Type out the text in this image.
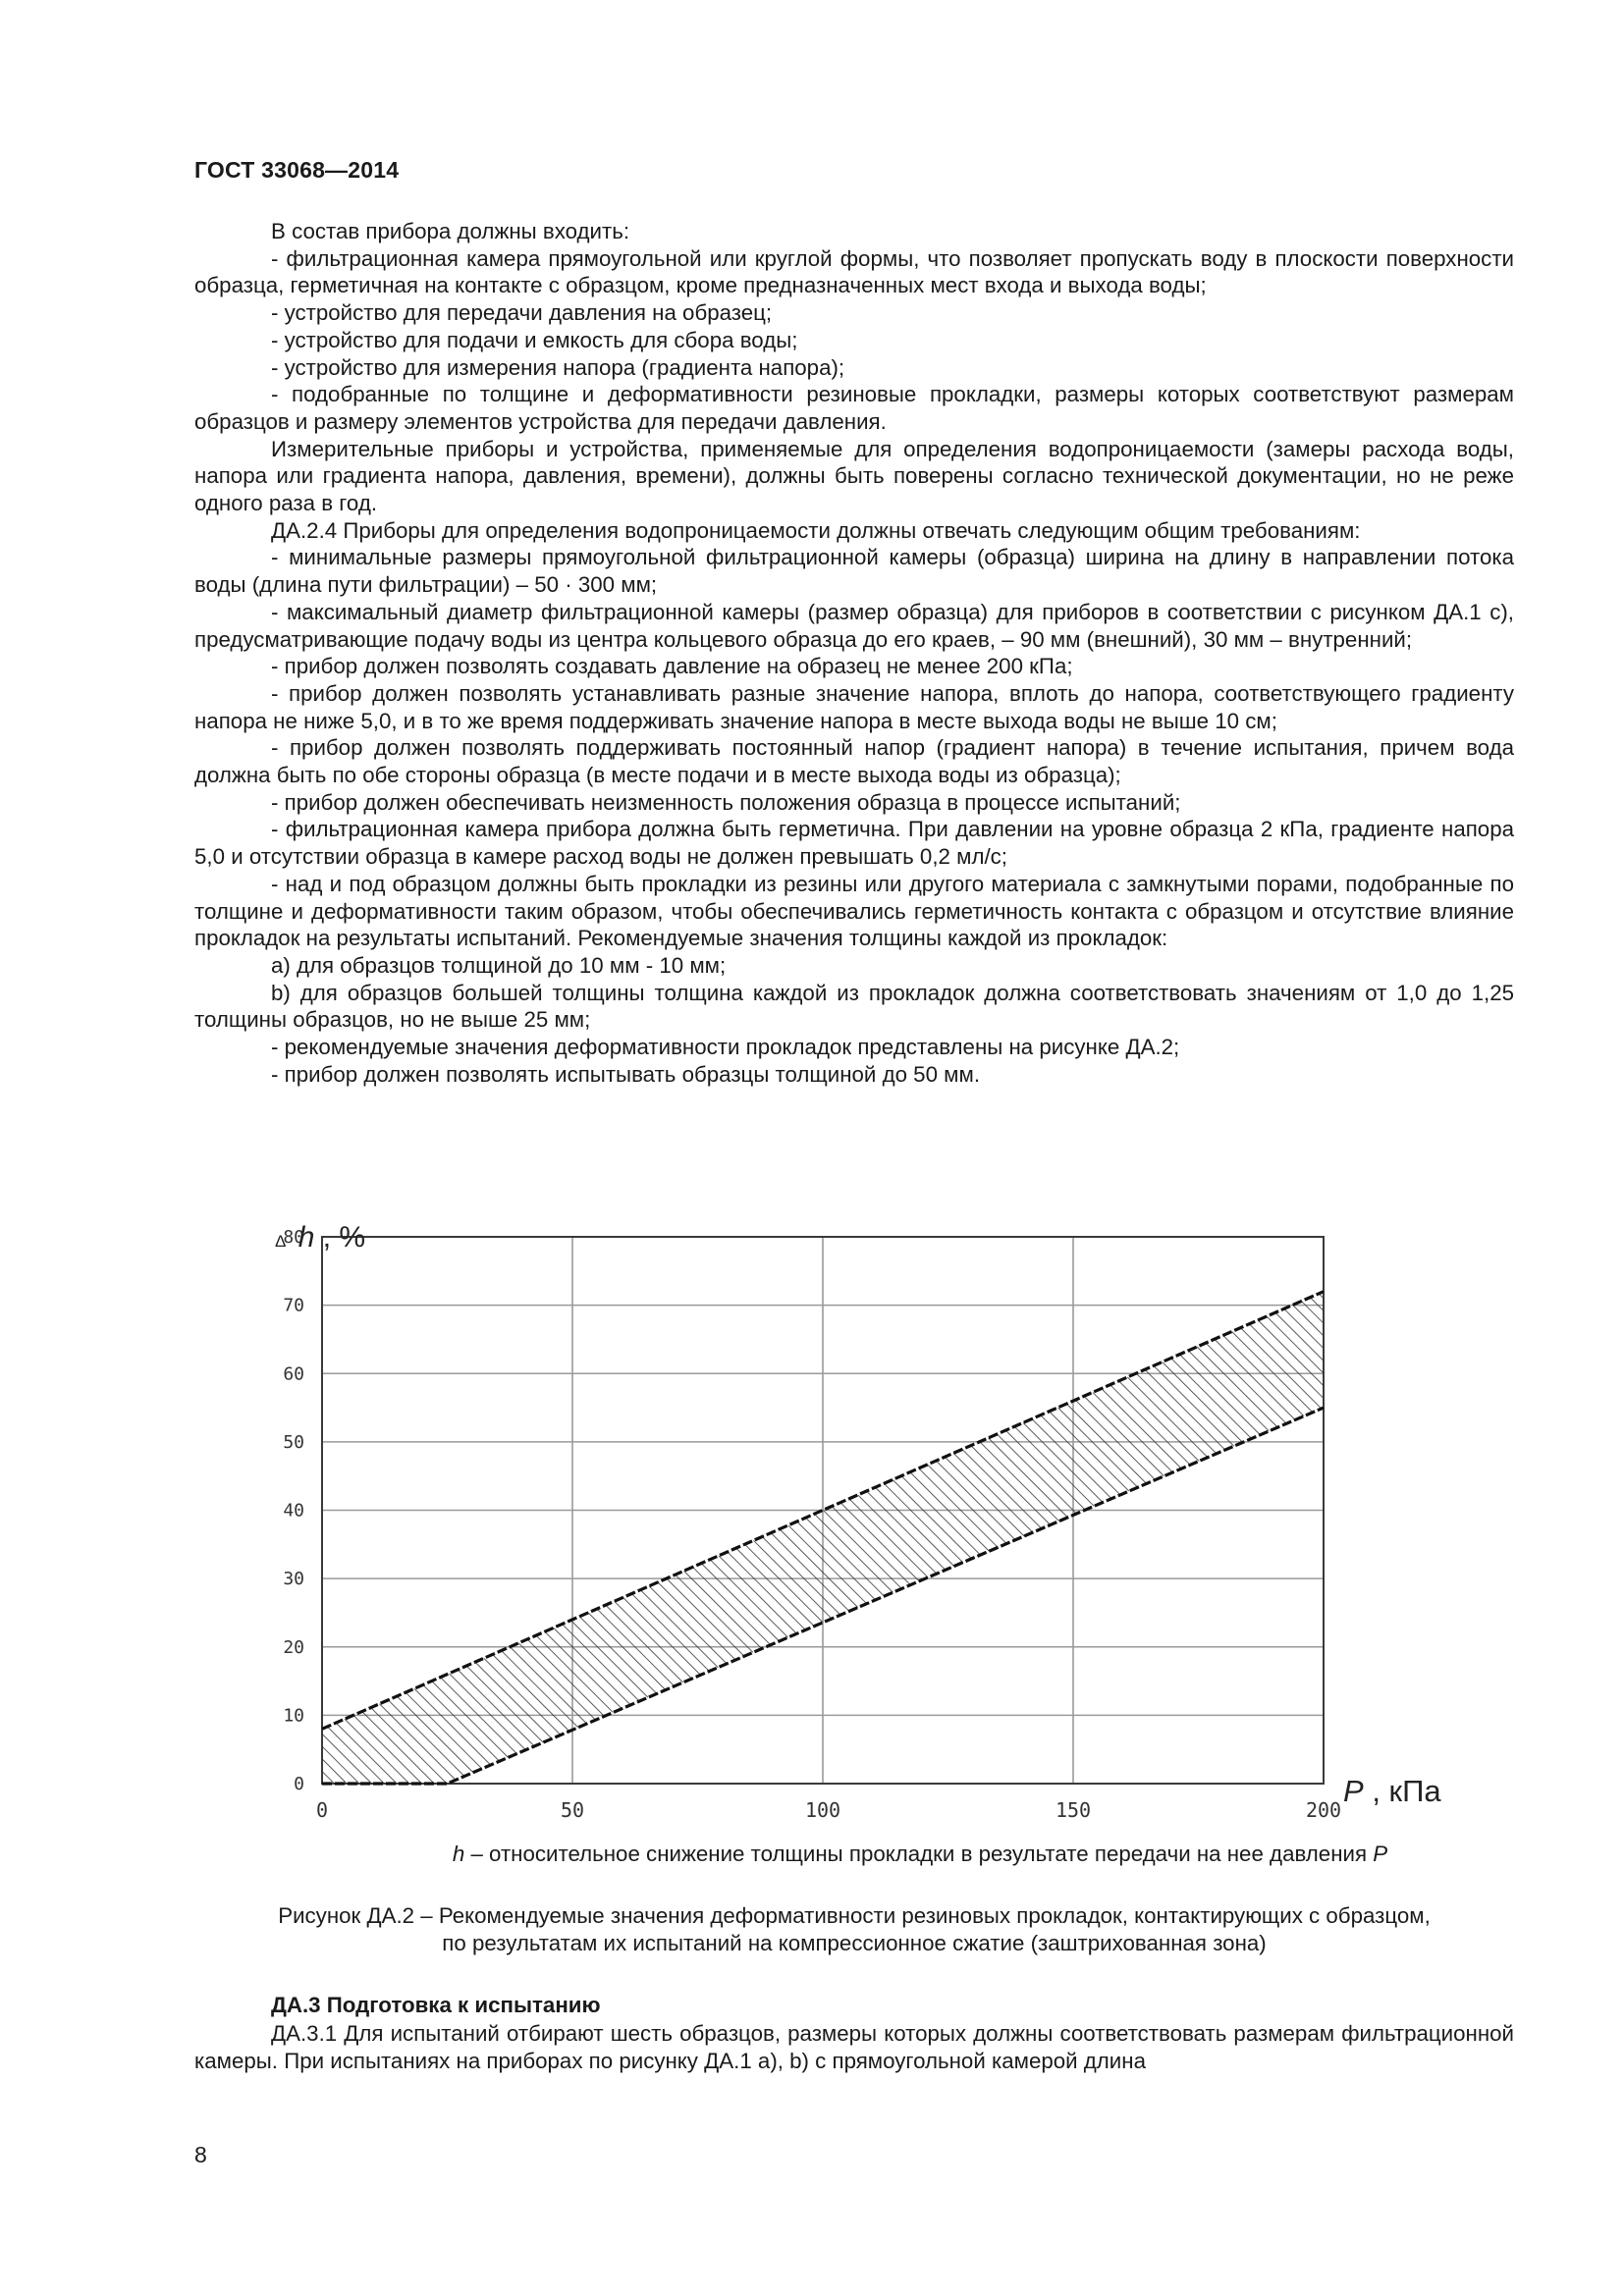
ГОСТ 33068—2014

В состав прибора должны входить:

- фильтрационная камера прямоугольной или круглой формы, что позволяет пропускать воду в плоскости поверхности образца, герметичная на контакте с образцом, кроме предназначенных мест входа и выхода воды;

- устройство для передачи давления на образец;

- устройство для подачи и емкость для сбора воды;

- устройство для измерения напора (градиента напора);

- подобранные по толщине и деформативности резиновые прокладки, размеры которых соответствуют размерам образцов и размеру элементов устройства для передачи давления.

Измерительные приборы и устройства, применяемые для определения водопроницаемости (замеры расхода воды, напора или градиента напора, давления, времени), должны быть поверены согласно технической документации, но не реже одного раза в год.

ДА.2.4 Приборы для определения водопроницаемости должны отвечать следующим общим требованиям:

- минимальные размеры прямоугольной фильтрационной камеры (образца) ширина на длину в направлении потока воды (длина пути фильтрации) – 50 · 300 мм;

- максимальный диаметр фильтрационной камеры (размер образца) для приборов в соответствии с рисунком ДА.1 с), предусматривающие подачу воды из центра кольцевого образца до его краев, – 90 мм (внешний), 30 мм – внутренний;

- прибор должен позволять создавать давление на образец не менее 200 кПа;

- прибор должен позволять устанавливать разные значение напора, вплоть до напора, соответствующего градиенту напора не ниже 5,0, и в то же время поддерживать значение напора в месте выхода воды не выше 10 см;

- прибор должен позволять поддерживать постоянный напор (градиент напора) в течение испытания, причем вода должна быть по обе стороны образца (в месте подачи и в месте выхода воды из образца);

- прибор должен обеспечивать неизменность положения образца в процессе испытаний;

- фильтрационная камера прибора должна быть герметична. При давлении на уровне образца 2 кПа, градиенте напора 5,0 и отсутствии образца в камере расход воды не должен превышать 0,2 мл/с;

- над и под образцом должны быть прокладки из резины или другого материала с замкнутыми порами, подобранные по толщине и деформативности таким образом, чтобы обеспечивались герметичность контакта с образцом и отсутствие влияние прокладок на результаты испытаний. Рекомендуемые значения толщины каждой из прокладок:

a) для образцов толщиной до 10 мм - 10 мм;

b) для образцов большей толщины толщина каждой из прокладок должна соответствовать значениям от 1,0 до 1,25 толщины образцов, но не выше 25 мм;

- рекомендуемые значения деформативности прокладок представлены на рисунке ДА.2;

- прибор должен позволять испытывать образцы толщиной до 50 мм.

0	50	100	150	200
0
10
20
30
40
50
60
70
80
Δ h , %
P , кПа
h – относительное снижение толщины прокладки в результате передачи на нее давления P
Рисунок ДА.2 – Рекомендуемые значения деформативности резиновых прокладок, контактирующих с образцом,
по результатам их испытаний на компрессионное сжатие (заштрихованная зона)
ДА.3 Подготовка к испытанию

ДА.3.1 Для испытаний отбирают шесть образцов, размеры которых должны соответствовать размерам фильтрационной камеры. При испытаниях на приборах по рисунку ДА.1 а), b) с прямоугольной камерой длина

8
